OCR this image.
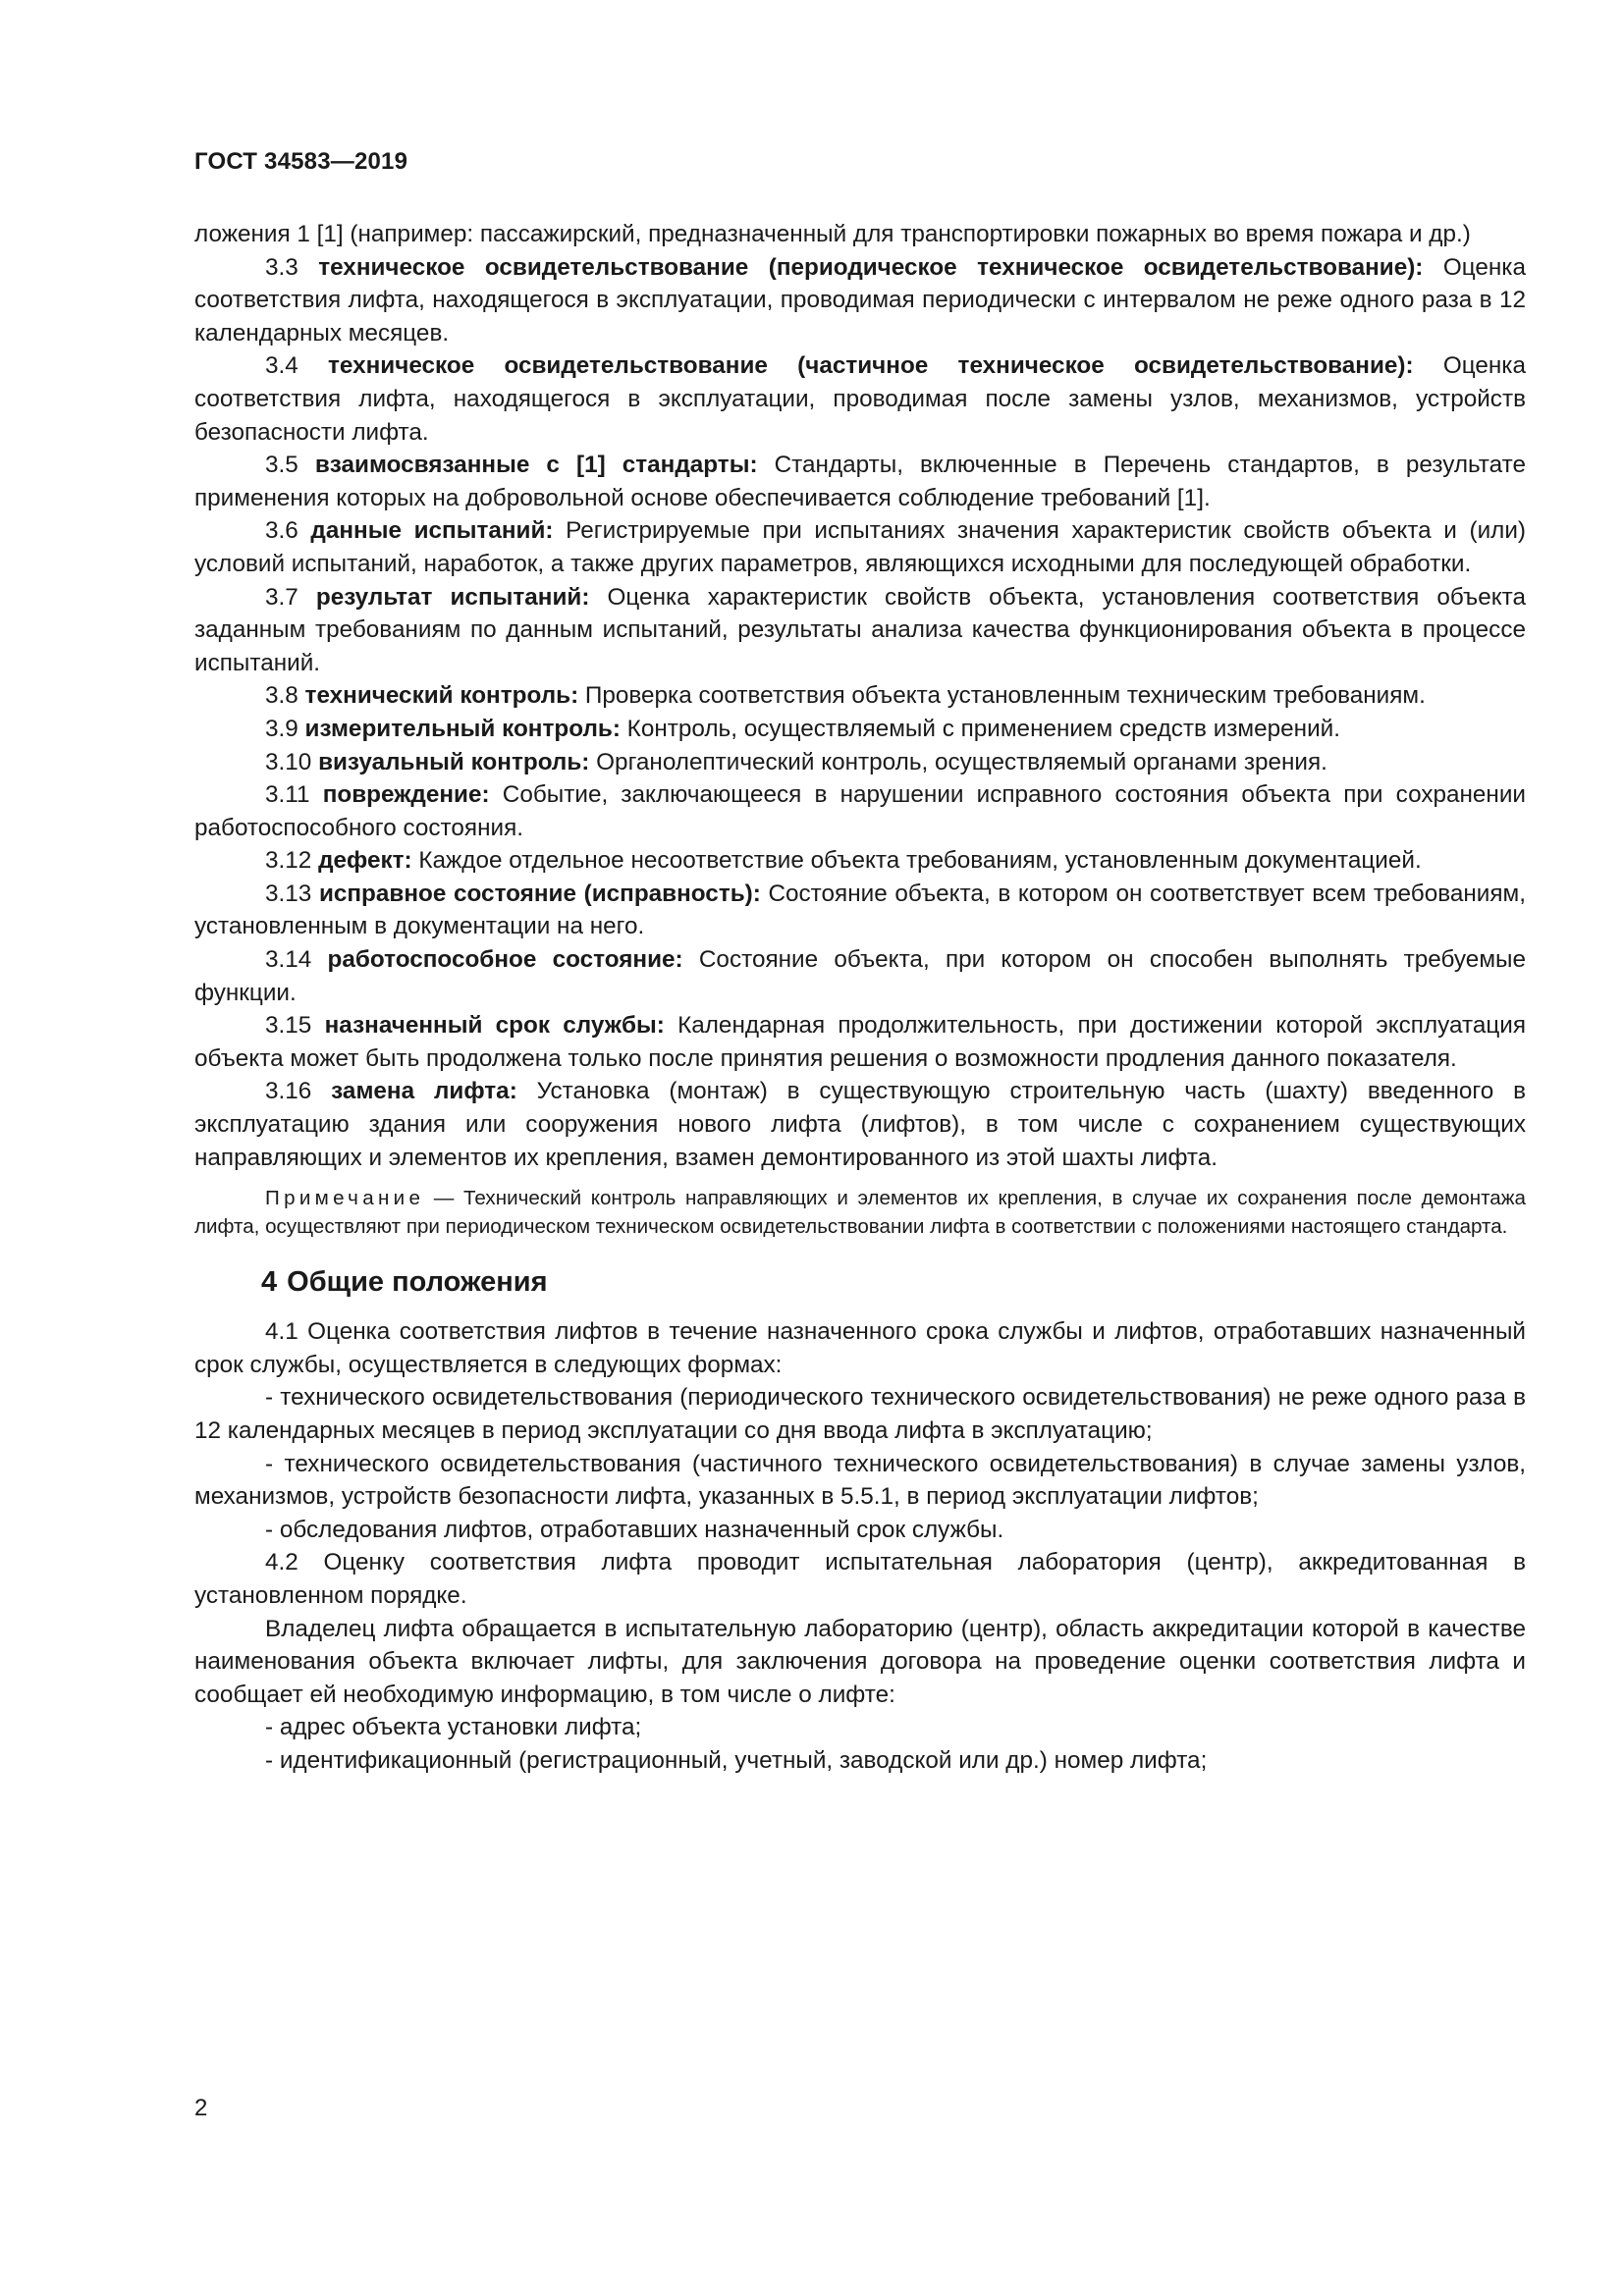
ГОСТ 34583—2019

ложения 1 [1] (например: пассажирский, предназначенный для транспортировки пожарных во время пожара и др.)

3.3 техническое освидетельствование (периодическое техническое освидетельствование): Оценка соответствия лифта, находящегося в эксплуатации, проводимая периодически с интервалом не реже одного раза в 12 календарных месяцев.

3.4 техническое освидетельствование (частичное техническое освидетельствование): Оценка соответствия лифта, находящегося в эксплуатации, проводимая после замены узлов, механизмов, устройств безопасности лифта.

3.5 взаимосвязанные с [1] стандарты: Стандарты, включенные в Перечень стандартов, в результате применения которых на добровольной основе обеспечивается соблюдение требований [1].

3.6 данные испытаний: Регистрируемые при испытаниях значения характеристик свойств объекта и (или) условий испытаний, наработок, а также других параметров, являющихся исходными для последующей обработки.

3.7 результат испытаний: Оценка характеристик свойств объекта, установления соответствия объекта заданным требованиям по данным испытаний, результаты анализа качества функционирования объекта в процессе испытаний.

3.8 технический контроль: Проверка соответствия объекта установленным техническим требованиям.

3.9 измерительный контроль: Контроль, осуществляемый с применением средств измерений.

3.10 визуальный контроль: Органолептический контроль, осуществляемый органами зрения.

3.11 повреждение: Событие, заключающееся в нарушении исправного состояния объекта при сохранении работоспособного состояния.

3.12 дефект: Каждое отдельное несоответствие объекта требованиям, установленным документацией.

3.13 исправное состояние (исправность): Состояние объекта, в котором он соответствует всем требованиям, установленным в документации на него.

3.14 работоспособное состояние: Состояние объекта, при котором он способен выполнять требуемые функции.

3.15 назначенный срок службы: Календарная продолжительность, при достижении которой эксплуатация объекта может быть продолжена только после принятия решения о возможности продления данного показателя.

3.16 замена лифта: Установка (монтаж) в существующую строительную часть (шахту) введенного в эксплуатацию здания или сооружения нового лифта (лифтов), в том числе с сохранением существующих направляющих и элементов их крепления, взамен демонтированного из этой шахты лифта.

Примечание — Технический контроль направляющих и элементов их крепления, в случае их сохранения после демонтажа лифта, осуществляют при периодическом техническом освидетельствовании лифта в соответствии с положениями настоящего стандарта.

4 Общие положения

4.1 Оценка соответствия лифтов в течение назначенного срока службы и лифтов, отработавших назначенный срок службы, осуществляется в следующих формах:

- технического освидетельствования (периодического технического освидетельствования) не реже одного раза в 12 календарных месяцев в период эксплуатации со дня ввода лифта в эксплуатацию;

- технического освидетельствования (частичного технического освидетельствования) в случае замены узлов, механизмов, устройств безопасности лифта, указанных в 5.5.1, в период эксплуатации лифтов;

- обследования лифтов, отработавших назначенный срок службы.

4.2 Оценку соответствия лифта проводит испытательная лаборатория (центр), аккредитованная в установленном порядке.

Владелец лифта обращается в испытательную лабораторию (центр), область аккредитации которой в качестве наименования объекта включает лифты, для заключения договора на проведение оценки соответствия лифта и сообщает ей необходимую информацию, в том числе о лифте:

- адрес объекта установки лифта;

- идентификационный (регистрационный, учетный, заводской или др.) номер лифта;

2
